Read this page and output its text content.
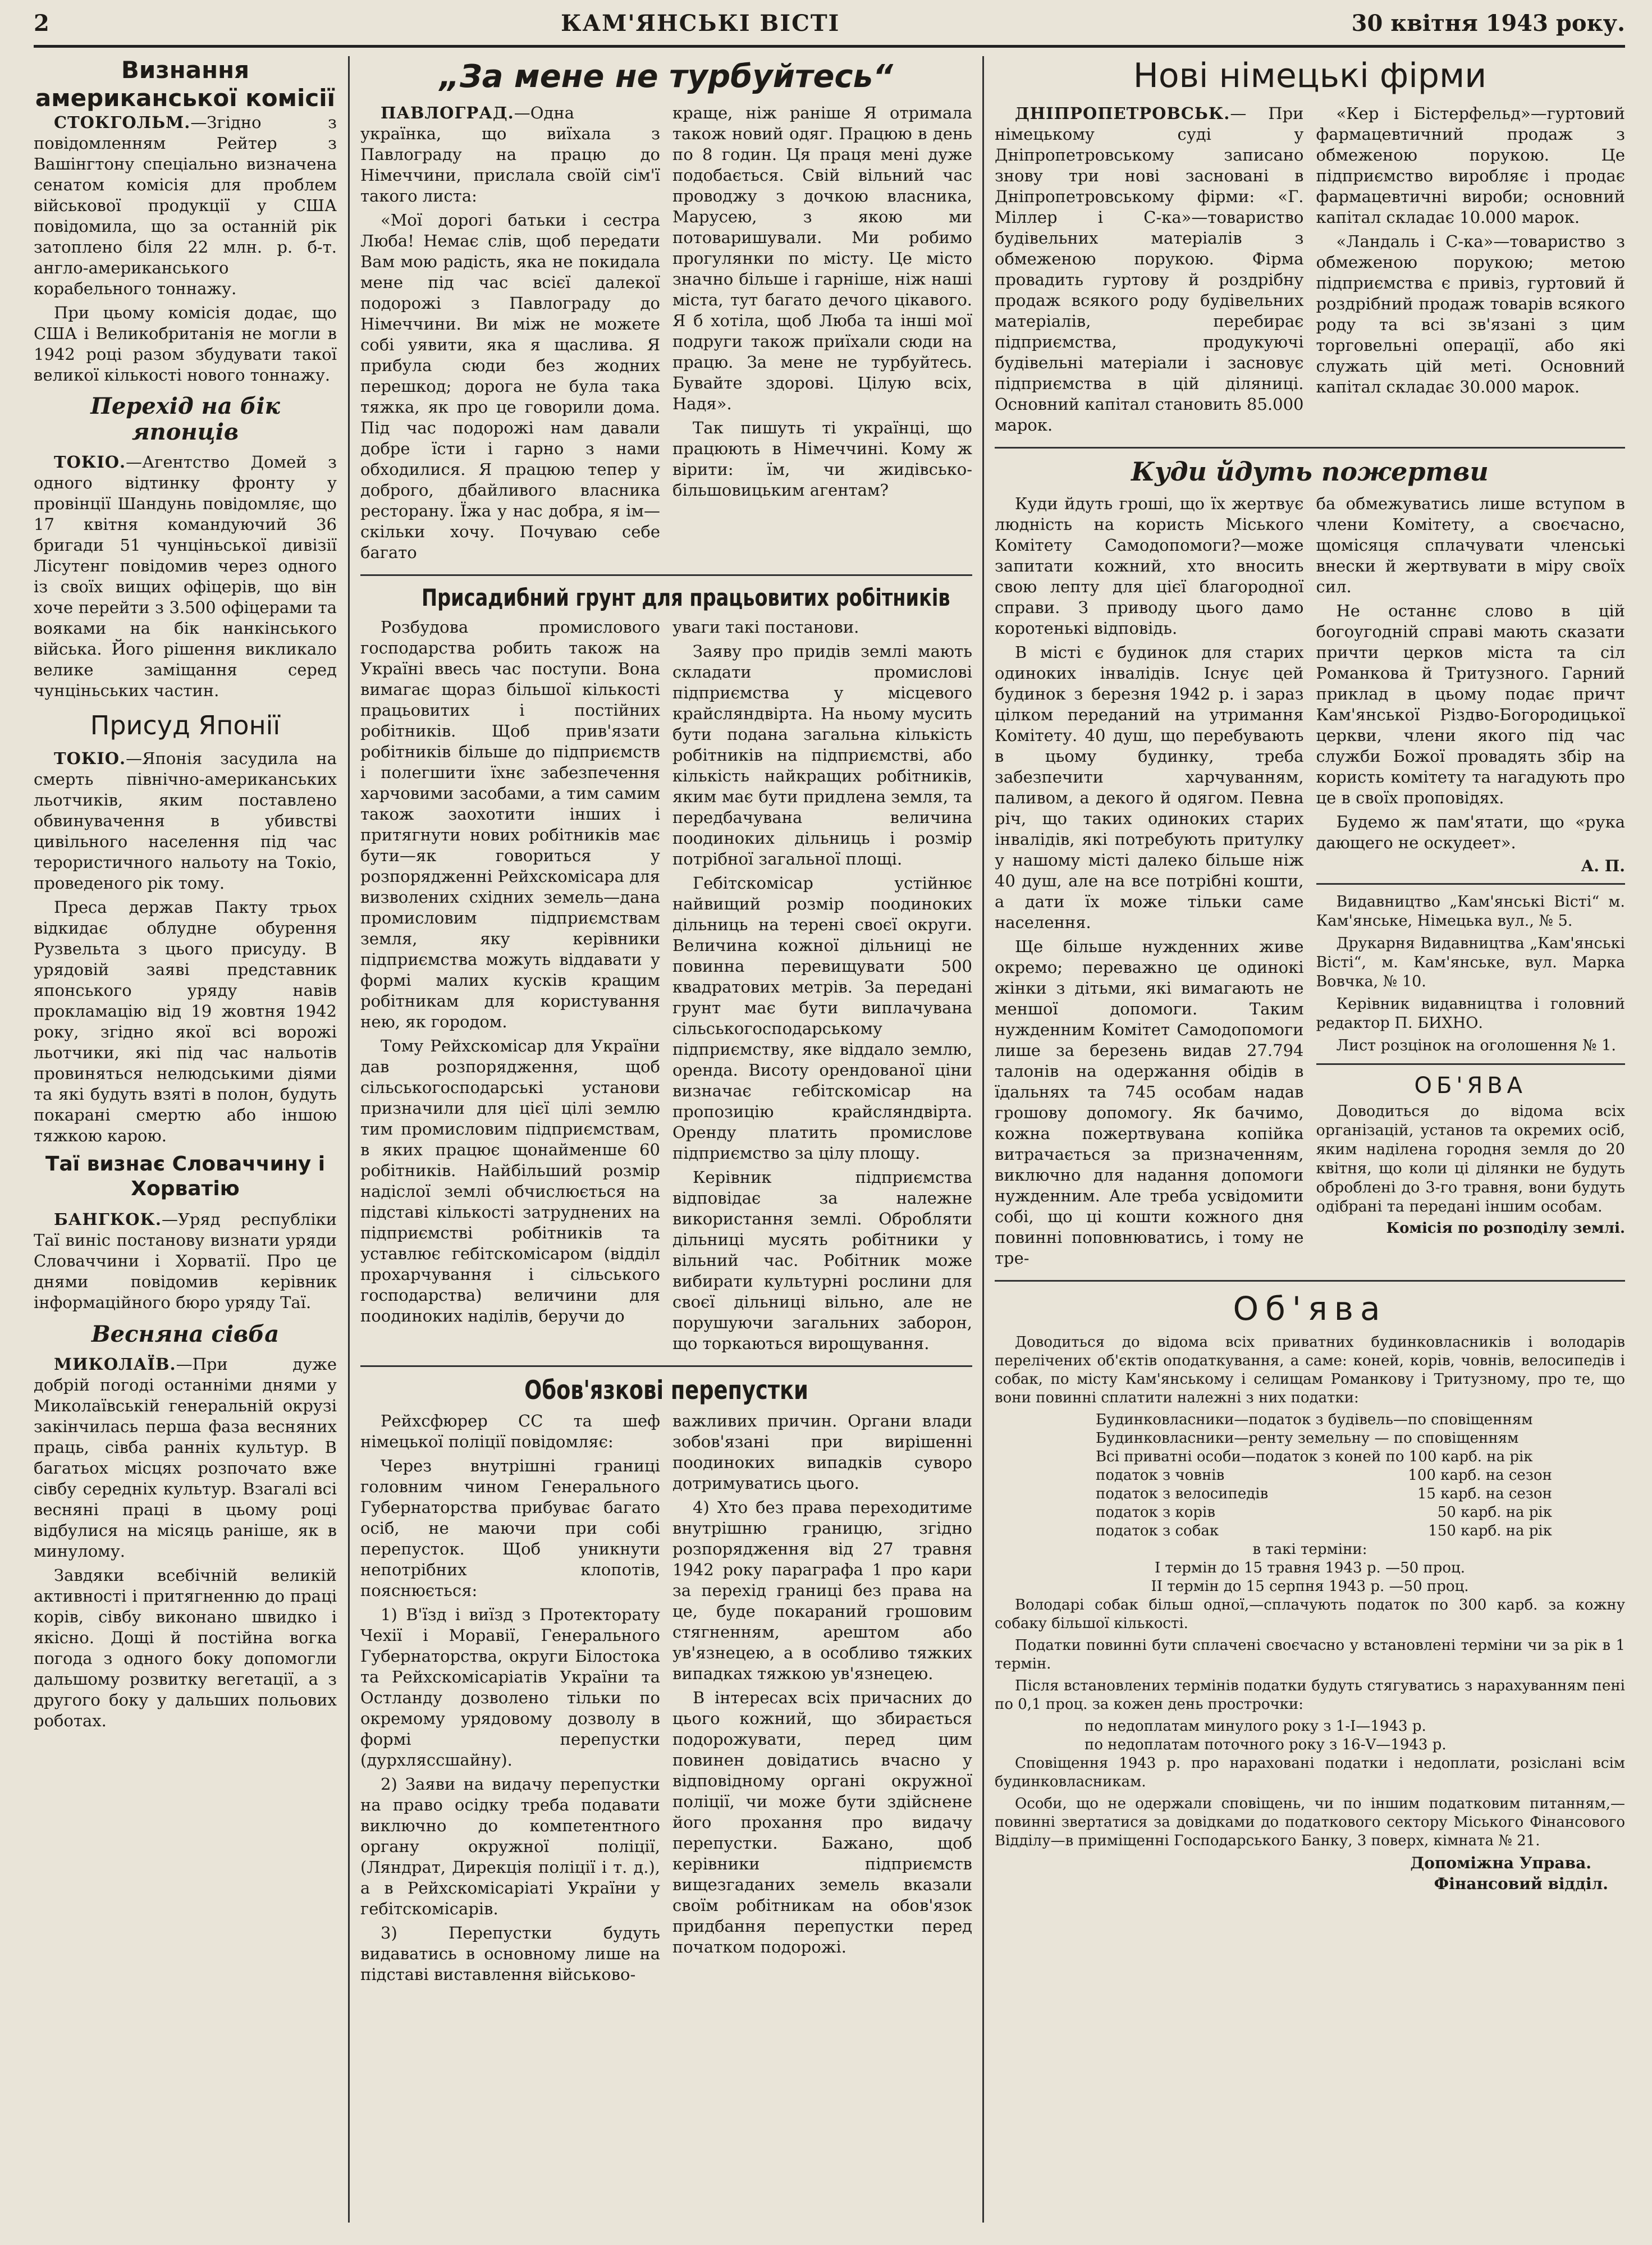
2	КАМ'ЯНСЬКІ ВІСТІ	30 квітня 1943 року.
Визнання американської комісії

СТОКГОЛЬМ.—Згідно з повідомленням Рейтер з Вашінгтону спеціально визначена сенатом комісія для проблем військової продукції у США повідомила, що за останній рік затоплено біля 22 млн. р. б-т. англо-американського корабельного тоннажу.

При цьому комісія додає, що США і Великобританія не могли в 1942 році разом збудувати такої великої кількості нового тоннажу.

Перехід на бік японців

ТОКІО.—Агентство Домей з одного відтинку фронту у провінції Шандунь повідомляє, що 17 квітня командуючий 36 бригади 51 чунціньської дивізії Лісутенг повідомив через одного із своїх вищих офіцерів, що він хоче перейти з 3.500 офіцерами та вояками на бік нанкінського війська. Його рішення викликало велике заміщання серед чунціньських частин.

Присуд Японії

ТОКІО.—Японія засудила на смерть північно-американських льотчиків, яким поставлено обвинувачення в убивстві цивільного населення під час терористичного нальоту на Токіо, проведеного рік тому.

Преса держав Пакту трьох відкидає облудне обурення Рузвельта з цього присуду. В урядовій заяві представник японського уряду навів прокламацію від 19 жовтня 1942 року, згідно якої всі ворожі льотчики, які під час нальотів провиняться нелюдськими діями та які будуть взяті в полон, будуть покарані смертю або іншою тяжкою карою.

Таї визнає Словаччину і Хорватію

БАНГКОК.—Уряд республіки Таї виніс постанову визнати уряди Словаччини і Хорватії. Про це днями повідомив керівник інформаційного бюро уряду Таї.

Весняна сівба

МИКОЛАЇВ.—При дуже добрій погоді останніми днями у Миколаївській генеральній окрузі закінчилась перша фаза весняних праць, сівба ранніх культур. В багатьох місцях розпочато вже сівбу середніх культур. Взагалі всі весняні праці в цьому році відбулися на місяць раніше, як в минулому.

Завдяки всебічній великій активності і притягненню до праці корів, сівбу виконано швидко і якісно. Дощі й постійна вогка погода з одного боку допомогли дальшому розвитку вегетації, а з другого боку у дальших польових роботах.

„За мене не турбуйтесь“

ПАВЛОГРАД.—Одна українка, що виїхала з Павлограду на працю до Німеччини, прислала своїй сім'ї такого листа:

«Мої дорогі батьки і сестра Люба! Немає слів, щоб передати Вам мою радість, яка не покидала мене під час всієї далекої подорожі з Павлограду до Німеччини. Ви між не можете собі уявити, яка я щаслива. Я прибула сюди без жодних перешкод; дорога не була така тяжка, як про це говорили дома. Під час подорожі нам давали добре їсти і гарно з нами обходилися. Я працюю тепер у доброго, дбайливого власника ресторану. Їжа у нас добра, я ім—скільки хочу. Почуваю себе багато

краще, ніж раніше Я отримала також новий одяг. Працюю в день по 8 годин. Ця праця мені дуже подобається. Свій вільний час проводжу з дочкою власника, Марусею, з якою ми потоваришували. Ми робимо прогулянки по місту. Це місто значно більше і гарніше, ніж наші міста, тут багато дечого цікавого. Я б хотіла, щоб Люба та інші мої подруги також приїхали сюди на працю. За мене не турбуйтесь. Бувайте здорові. Цілую всіх, Надя».

Так пишуть ті українці, що працюють в Німеччині. Кому ж вірити: їм, чи жидівсько-більшовицьким агентам?

Присадибний грунт для працьовитих робітників

Розбудова промислового господарства робить також на Україні ввесь час поступи. Вона вимагає щораз більшої кількості працьовитих і постійних робітників. Щоб прив'язати робітників більше до підприємств і полегшити їхнє забезпечення харчовими засобами, а тим самим також заохотити інших і притягнути нових робітників має бути—як говориться у розпорядженні Рейхскомісара для визволених східних земель—дана промисловим підприємствам земля, яку керівники підприємства можуть віддавати у формі малих кусків кращим робітникам для користування нею, як городом.

Тому Рейхскомісар для України дав розпорядження, щоб сільськогосподарські установи призначили для цієї цілі землю тим промисловим підприємствам, в яких працює щонайменше 60 робітників. Найбільший розмір надіслої землі обчислюється на підставі кількості затруднених на підприємстві робітників та уставлює гебітскомісаром (відділ прохарчування і сільського господарства) величини для поодиноких наділів, беручи до

уваги такі постанови.

Заяву про придів землі мають складати промислові підприємства у місцевого крайсляндвірта. На ньому мусить бути подана загальна кількість робітників на підприємстві, або кількість найкращих робітників, яким має бути придлена земля, та передбачувана величина поодиноких дільниць і розмір потрібної загальної площі.

Гебітскомісар устійнює найвищий розмір поодиноких дільниць на терені своєї округи. Величина кожної дільниці не повинна перевищувати 500 квадратових метрів. За передані грунт має бути виплачувана сільськогосподарському підприємству, яке віддало землю, оренда. Висоту орендованої ціни визначає гебітскомісар на пропозицію крайсляндвірта. Оренду платить промислове підприємство за цілу площу.

Керівник підприємства відповідає за належне використання землі. Обробляти дільниці мусять робітники у вільний час. Робітник може вибирати культурні рослини для своєї дільниці вільно, але не порушуючи загальних заборон, що торкаються вирощування.

Обов'язкові перепустки

Рейхсфюрер СС та шеф німецької поліції повідомляє:

Через внутрішні границі головним чином Генерального Губернаторства прибуває багато осіб, не маючи при собі перепусток. Щоб уникнути непотрібних клопотів, пояснюється:

1) В'їзд і виїзд з Протекторату Чехії і Моравії, Генерального Губернаторства, округи Білостока та Рейхскомісаріатів України та Остланду дозволено тільки по окремому урядовому дозволу в формі перепустки (дурхляссшайну).

2) Заяви на видачу перепустки на право осідку треба подавати виключно до компетентного органу окружної поліції, (Ляндрат, Дирекція поліції і т. д.), а в Рейхскомісаріаті України у гебітскомісарів.

3) Перепустки будуть видаватись в основному лише на підставі виставлення військово-

важливих причин. Органи влади зобов'язані при вирішенні поодиноких випадків суворо дотримуватись цього.

4) Хто без права переходитиме внутрішню границю, згідно розпорядження від 27 травня 1942 року параграфа 1 про кари за перехід границі без права на це, буде покараний грошовим стягненням, арештом або ув'язнецею, а в особливо тяжких випадках тяжкою ув'язнецею.

В інтересах всіх причасних до цього кожний, що збирається подорожувати, перед цим повинен довідатись вчасно у відповідному органі окружної поліції, чи може бути здійснене його прохання про видачу перепустки. Бажано, щоб керівники підприємств вищезгаданих земель вказали своїм робітникам на обов'язок придбання перепустки перед початком подорожі.

Нові німецькі фірми

ДНІПРОПЕТРОВСЬК.— При німецькому суді у Дніпропетровському записано знову три нові засновані в Дніпропетровському фірми: «Г. Міллер і С-ка»—товариство будівельних матеріалів з обмеженою порукою. Фірма провадить гуртову й роздрібну продаж всякого роду будівельних матеріалів, перебирає підприємства, продукуючі будівельні матеріали і засновує підприємства в цій діляниці. Основний капітал становить 85.000 марок.

«Кер і Бістерфельд»—гуртовий фармацевтичний продаж з обмеженою порукою. Це підприємство виробляє і продає фармацевтичні вироби; основний капітал складає 10.000 марок.

«Ландаль і С-ка»—товариство з обмеженою порукою; метою підприємства є привіз, гуртовий й роздрібний продаж товарів всякого роду та всі зв'язані з цим торговельні операції, або які служать цій меті. Основний капітал складає 30.000 марок.

Куди йдуть пожертви

Куди йдуть гроші, що їх жертвує людність на користь Міського Комітету Самодопомоги?—може запитати кожний, хто вносить свою лепту для цієї благородної справи. З приводу цього дамо коротенькі відповідь.

В місті є будинок для старих одиноких інвалідів. Існує цей будинок з березня 1942 р. і зараз цілком переданий на утримання Комітету. 40 душ, що перебувають в цьому будинку, треба забезпечити харчуванням, паливом, а декого й одягом. Певна річ, що таких одиноких старих інвалідів, які потребують притулку у нашому місті далеко більше ніж 40 душ, але на все потрібні кошти, а дати їх може тільки саме населення.

Ще більше нужденних живе окремо; переважно це одинокі жінки з дітьми, які вимагають не меншої допомоги. Таким нужденним Комітет Самодопомоги лише за березень видав 27.794 талонів на одержання обідів в їдальнях та 745 особам надав грошову допомогу. Як бачимо, кожна пожертвувана копійка витрачається за призначенням, виключно для надання допомоги нужденним. Але треба усвідомити собі, що ці кошти кожного дня повинні поповнюватись, і тому не тре-

ба обмежуватись лише вступом в члени Комітету, а своєчасно, щомісяця сплачувати членські внески й жертвувати в міру своїх сил.

Не останнє слово в цій богоугодній справі мають сказати причти церков міста та сіл Романкова й Тритузного. Гарний приклад в цьому подає причт Кам'янської Різдво-Богородицької церкви, члени якого під час служби Божої провадять збір на користь комітету та нагадують про це в своїх проповідях.

Будемо ж пам'ятати, що «рука дающего не оскудеет».

А. П.

Видавництво „Кам'янські Вісті“ м. Кам'янське, Німецька вул., № 5.

Друкарня Видавництва „Кам'янські Вісті“, м. Кам'янське, вул. Марка Вовчка, № 10.

Керівник видавництва і головний редактор П. БИХНО.

Лист розцінок на оголошення № 1.

ОБ'ЯВА

Доводиться до відома всіх організацій, установ та окремих осіб, яким наділена городня земля до 20 квітня, що коли ці ділянки не будуть оброблені до 3-го травня, вони будуть одібрані та передані іншим особам.

Комісія по розподілу землі.
Об'ява

Доводиться до відома всіх приватних будинковласників і володарів перелічених об'єктів оподаткування, а саме: коней, корів, човнів, велосипедів і собак, по місту Кам'янському і селищам Романкову і Тритузному, про те, що вони повинні сплатити належні з них податки:

Будинковласники—податок з будівель—по сповіщенням
Будинковласники—ренту земельну — по сповіщенням
Всі приватні особи—податок з коней по 100 карб. на рік
податок з човнів	100 карб. на сезон
податок з велосипедів	15 карб. на сезон
податок з корів	50 карб. на рік
податок з собак	150 карб. на рік
в такі терміни:
I термін до 15 травня 1943 р. —50 проц.
II термін до 15 серпня 1943 р. —50 проц.

Володарі собак більш одної,—сплачують податок по 300 карб. за кожну собаку більшої кількості.

Податки повинні бути сплачені своєчасно у встановлені терміни чи за рік в 1 термін.

Після встановлених термінів податки будуть стягуватись з нарахуванням пені по 0,1 проц. за кожен день прострочки:

по недоплатам минулого року з 1-I—1943 р.
по недоплатам поточного року з 16-V—1943 р.

Сповіщення 1943 р. про нараховані податки і недоплати, розіслані всім будинковласникам.

Особи, що не одержали сповіщень, чи по іншим податковим питанням,—повинні звертатися за довідками до податкового сектору Міського Фінансового Відділу—в приміщенні Господарського Банку, 3 поверх, кімната № 21.

Допоміжна Управа.
Фінансовий відділ.
